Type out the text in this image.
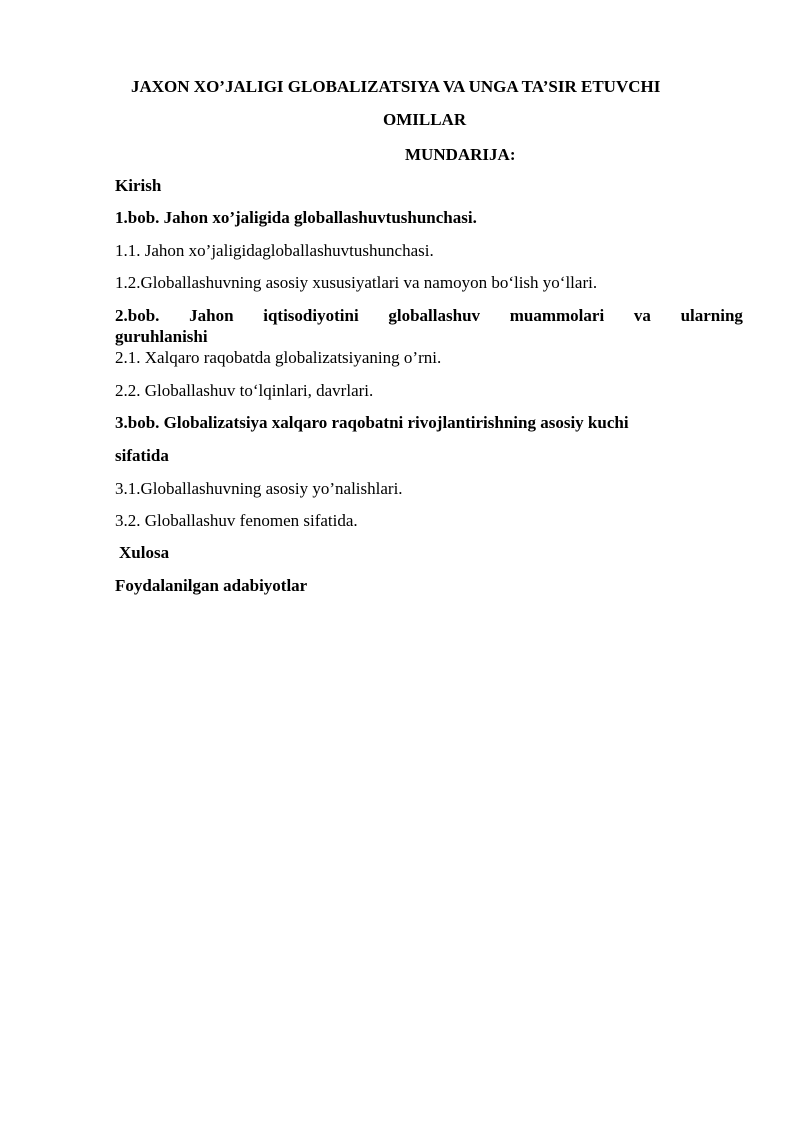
JAXON XO’JALIGI GLOBALIZATSIYA VA UNGA TA’SIR ETUVCHI
OMILLAR
MUNDARIJA:
Kirish
1.bob. Jahon xo’jaligida globallashuvtushunchasi.
1.1. Jahon xo’jaligidagloballashuvtushunchasi.
1.2.Globallashuvning asosiy xususiyatlari va namoyon bo‘lish yo‘llari.
2.bob. Jahon iqtisodiyotini globallashuv muammolari va ularning
guruhlanishi
2.1. Xalqaro raqobatda globalizatsiyaning o’rni.
2.2. Globallashuv to‘lqinlari, davrlari.
3.bob. Globalizatsiya xalqaro raqobatni rivojlantirishning asosiy kuchi
sifatida
3.1.Globallashuvning asosiy yo’nalishlari.
3.2. Globallashuv fenomen sifatida.
Xulosa
Foydalanilgan adabiyotlar
